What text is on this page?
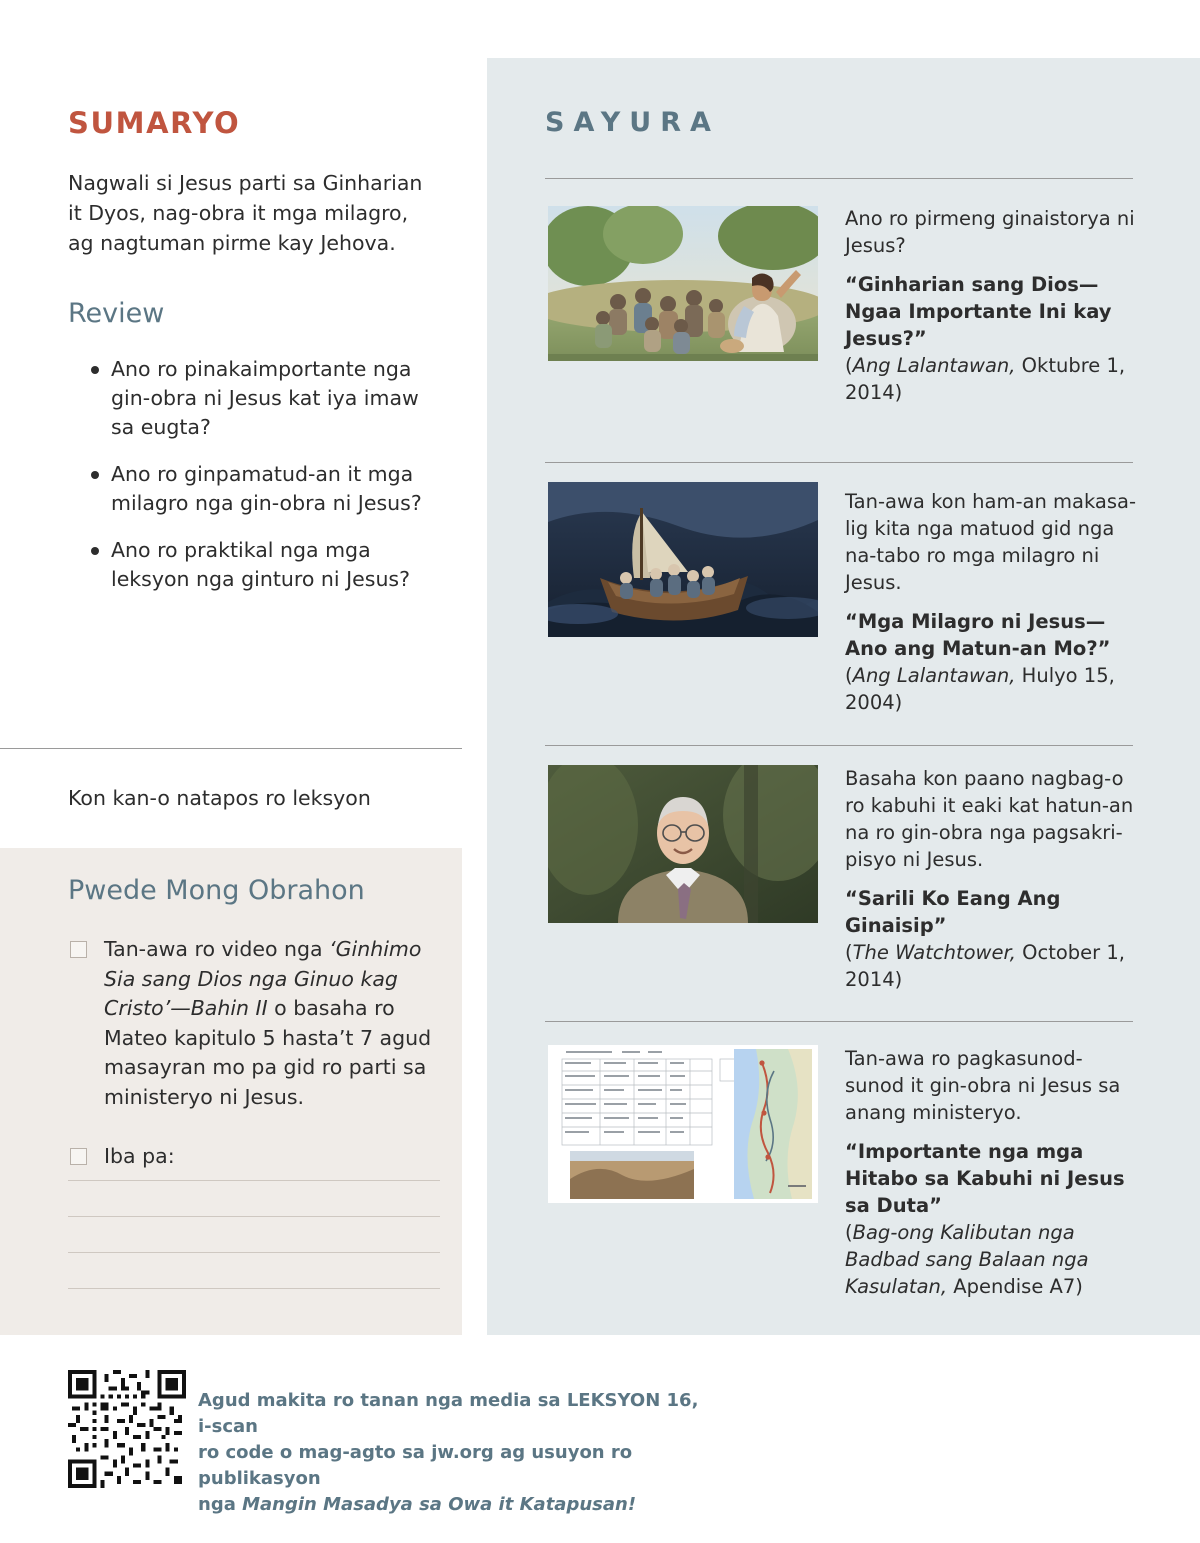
SUMARYO
Nagwali si Jesus parti sa Ginharian it Dyos, nag-obra it mga milagro, ag nagtuman pirme kay Jehova.
Review
Ano ro pinakaimportante nga gin-obra ni Jesus kat iya imaw sa eugta?
Ano ro ginpamatud-an it mga milagro nga gin-obra ni Jesus?
Ano ro praktikal nga mga leksyon nga ginturo ni Jesus?
Kon kan-o natapos ro leksyon
Pwede Mong Obrahon
Tan-awa ro video nga ‘Ginhimo Sia sang Dios nga Ginuo kag Cristo’—Bahin II o basaha ro Mateo kapitulo 5 hasta’t 7 agud masayran mo pa gid ro parti sa ministeryo ni Jesus.
Iba pa:
SAYURA
Ano ro pirmeng ginaistorya ni Jesus?
“Ginharian sang Dios—Ngaa Importante Ini kay Jesus?”
(Ang Lalantawan, Oktubre 1, 2014)
Tan-awa kon ham-an makasa-lig kita nga matuod gid nga na-tabo ro mga milagro ni Jesus.
“Mga Milagro ni Jesus—Ano ang Matun-an Mo?”
(Ang Lalantawan, Hulyo 15, 2004)
Basaha kon paano nagbag-o ro kabuhi it eaki kat hatun-an na ro gin-obra nga pagsakri-pisyo ni Jesus.
“Sarili Ko Eang Ang Ginaisip”
(The Watchtower, October 1, 2014)
Tan-awa ro pagkasunod-sunod it gin-obra ni Jesus sa anang ministeryo.
“Importante nga mga Hitabo sa Kabuhi ni Jesus sa Duta”
(Bag-ong Kalibutan nga Badbad sang Balaan nga Kasulatan, Apendise A7)
Agud makita ro tanan nga media sa LEKSYON 16, i-scan
ro code o mag-agto sa jw.org ag usuyon ro publikasyon
nga Mangin Masadya sa Owa it Katapusan!
